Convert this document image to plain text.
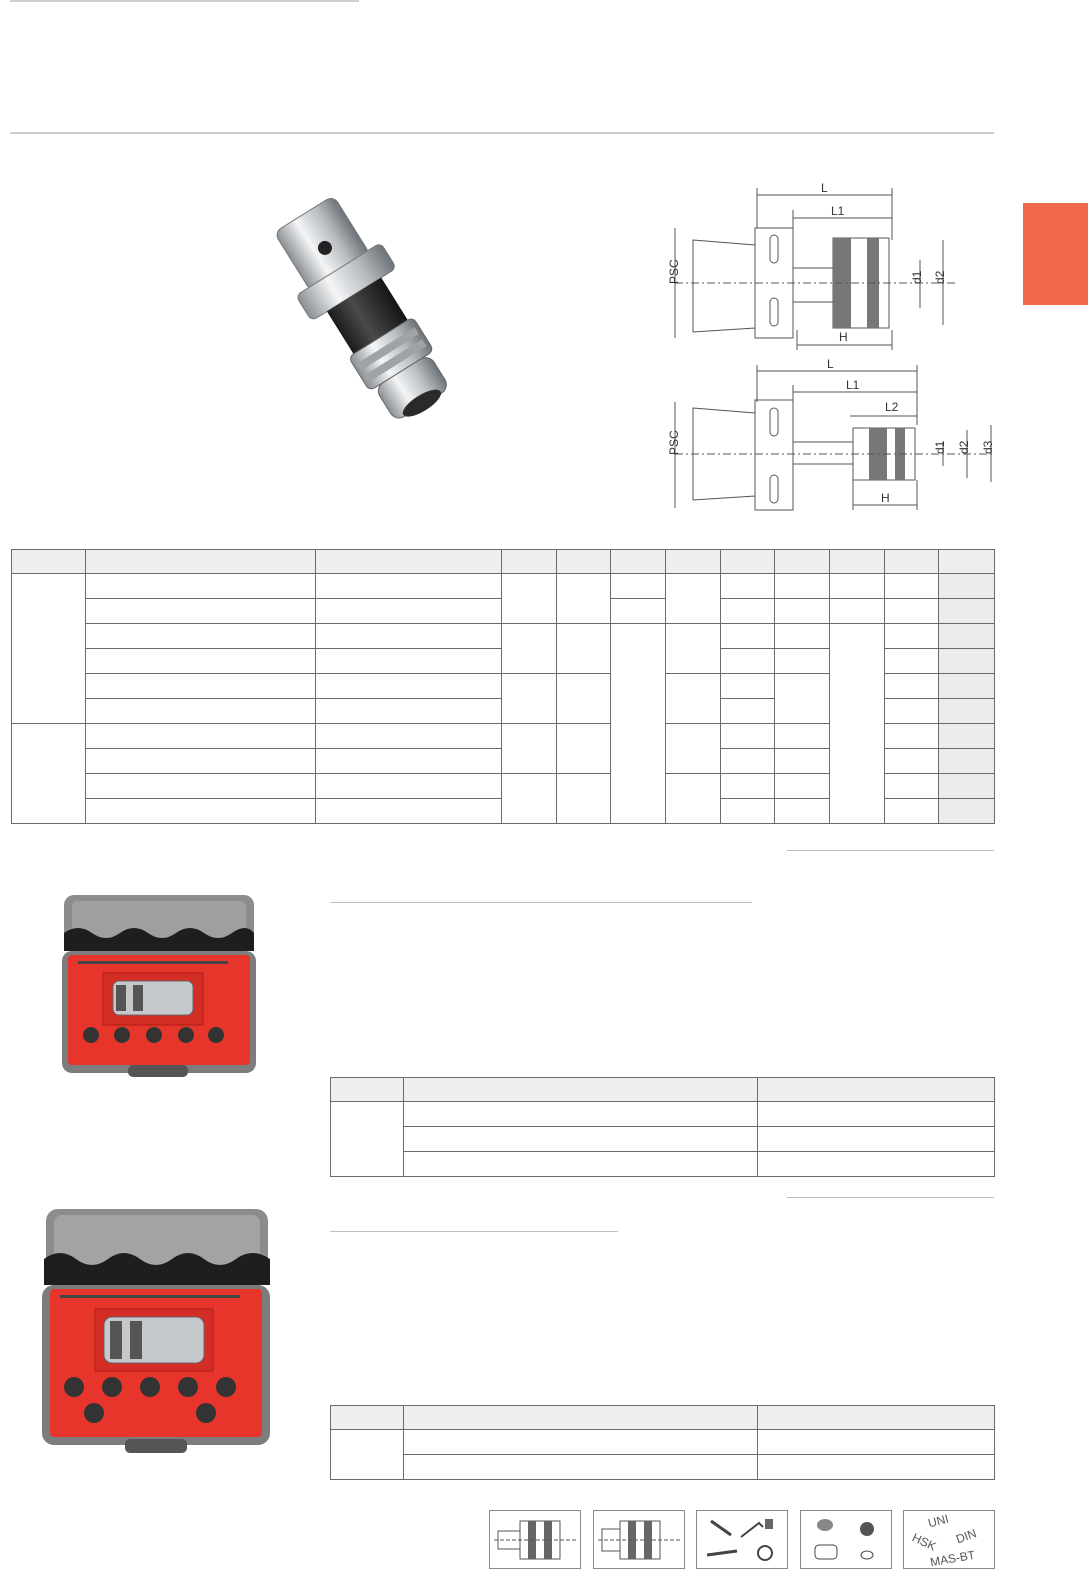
L
L1
H
d1 d2
PSC
L
L1
L2
H
d1 d2 d3
PSC

UNI
DIN
HSK
MAS-BT
